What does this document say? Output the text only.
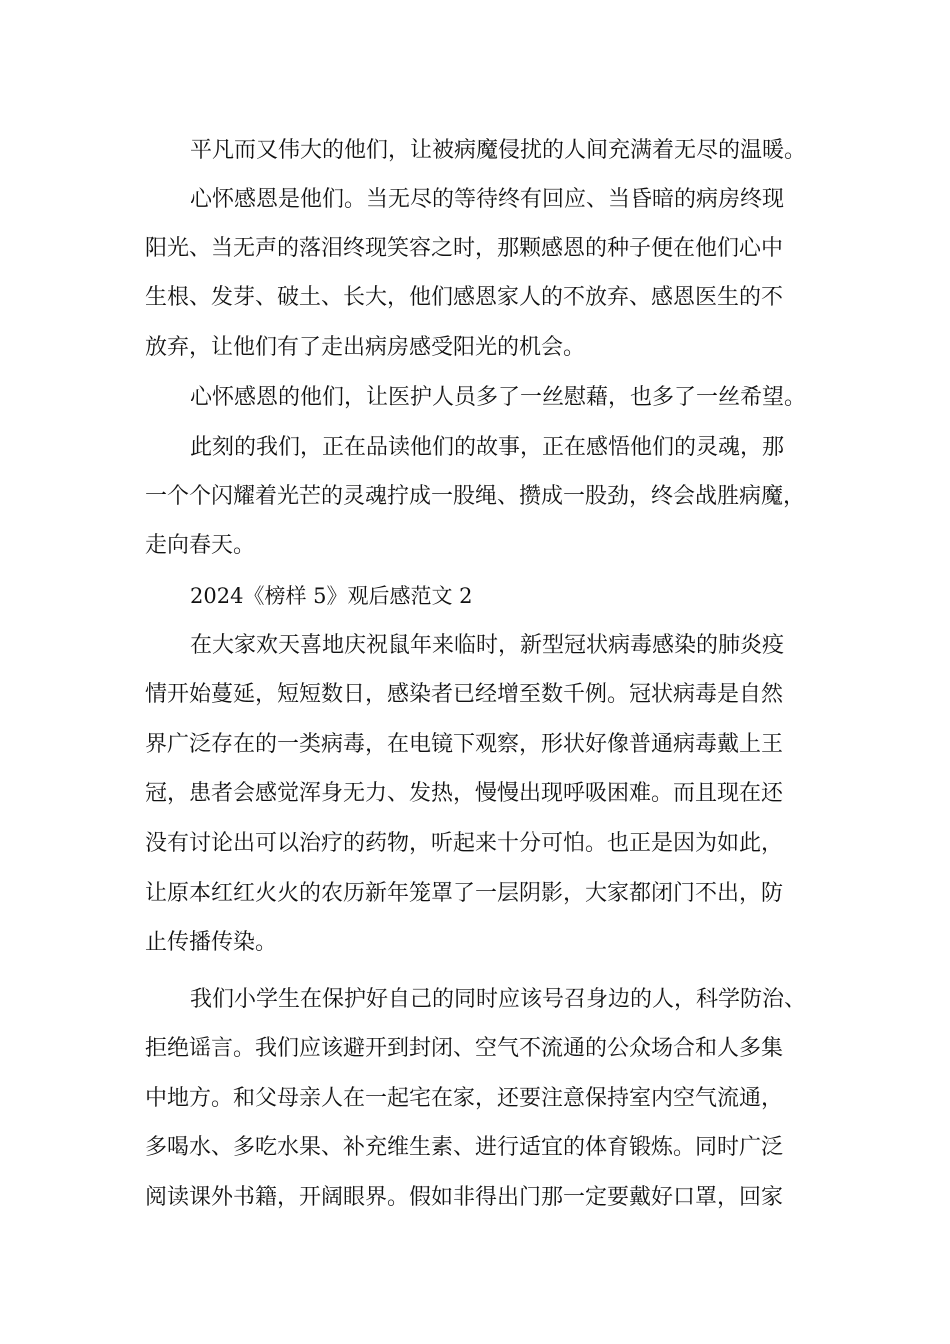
平凡而又伟大的他们，让被病魔侵扰的人间充满着无尽的温暖。
心怀感恩是他们。当无尽的等待终有回应、当昏暗的病房终现
阳光、当无声的落泪终现笑容之时，那颗感恩的种子便在他们心中
生根、发芽、破土、长大，他们感恩家人的不放弃、感恩医生的不
放弃，让他们有了走出病房感受阳光的机会。
心怀感恩的他们，让医护人员多了一丝慰藉，也多了一丝希望。
此刻的我们，正在品读他们的故事，正在感悟他们的灵魂，那
一个个闪耀着光芒的灵魂拧成一股绳、攒成一股劲，终会战胜病魔，
走向春天。
2024《榜样 5》观后感范文 2
在大家欢天喜地庆祝鼠年来临时，新型冠状病毒感染的肺炎疫
情开始蔓延，短短数日，感染者已经增至数千例。冠状病毒是自然
界广泛存在的一类病毒，在电镜下观察，形状好像普通病毒戴上王
冠，患者会感觉浑身无力、发热，慢慢出现呼吸困难。而且现在还
没有讨论出可以治疗的药物，听起来十分可怕。也正是因为如此，
让原本红红火火的农历新年笼罩了一层阴影，大家都闭门不出，防
止传播传染。
我们小学生在保护好自己的同时应该号召身边的人，科学防治、
拒绝谣言。我们应该避开到封闭、空气不流通的公众场合和人多集
中地方。和父母亲人在一起宅在家，还要注意保持室内空气流通，
多喝水、多吃水果、补充维生素、进行适宜的体育锻炼。同时广泛
阅读课外书籍，开阔眼界。假如非得出门那一定要戴好口罩，回家
